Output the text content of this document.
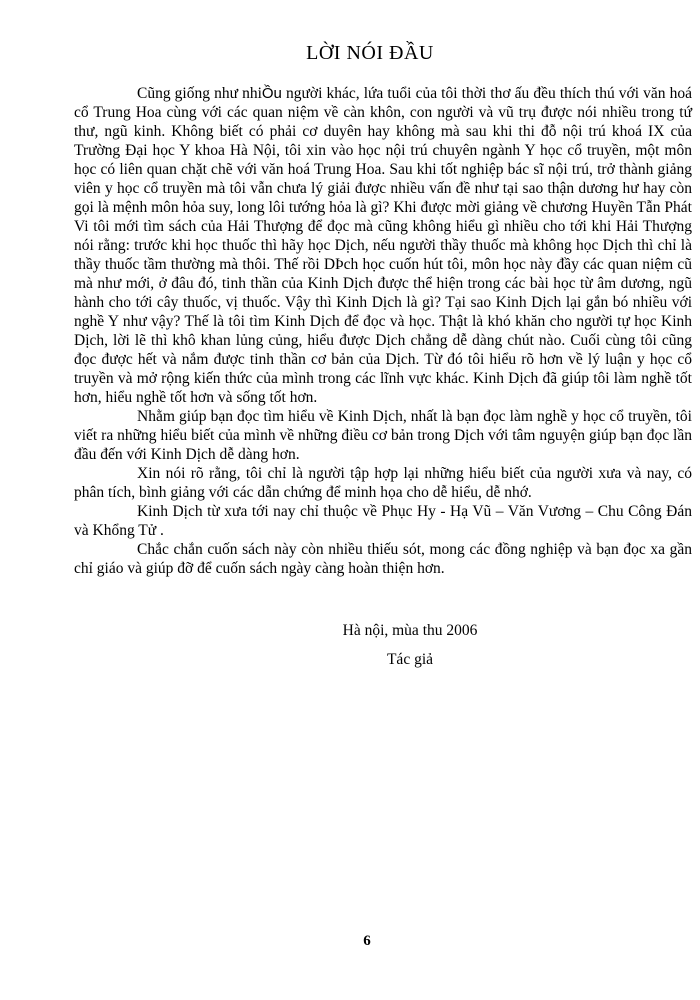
LỜI NÓI ĐẦU

Cũng giống như nhiỒu người khác, lứa tuổi của tôi thời thơ ấu đều thích thú với văn hoá cổ Trung Hoa cùng với các quan niệm về càn khôn, con người và vũ trụ được nói nhiều trong tứ thư, ngũ kinh. Không biết có phải cơ duyên hay không mà sau khi thi đỗ nội trú khoá IX của Trường Đại học Y khoa Hà Nội, tôi xin vào học nội trú chuyên ngành Y học cổ truyền, một môn học có liên quan chặt chẽ với văn hoá Trung Hoa. Sau khi tốt nghiệp bác sĩ nội trú, trở thành giảng viên y học cổ truyền mà tôi vẫn chưa lý giải được nhiều vấn đề như tại sao thận dương hư hay còn gọi là mệnh môn hỏa suy, long lôi tướng hỏa là gì? Khi được mời giảng về chương Huyền Tẫn Phát Vi tôi mới tìm sách của Hải Thượng để đọc mà cũng không hiểu gì nhiều cho tới khi Hải Thượng nói rằng: trước khi học thuốc thì hãy học Dịch, nếu người thầy thuốc mà không học Dịch thì chỉ là thầy thuốc tầm thường mà thôi. Thế rồi DÞch học cuốn hút tôi, môn học này đầy các quan niệm cũ mà như mới, ở đâu đó, tinh thần của Kinh Dịch được thể hiện trong các bài học từ âm dương, ngũ hành cho tới cây thuốc, vị thuốc. Vậy thì Kinh Dịch là gì? Tại sao Kinh Dịch lại gắn bó nhiều với nghề Y như vậy? Thế là tôi tìm Kinh Dịch để đọc và học. Thật là khó khăn cho người tự học Kinh Dịch, lời lẽ thì khô khan lủng củng, hiểu được Dịch chẳng dễ dàng chút nào. Cuối cùng tôi cũng đọc được hết và nắm được tinh thần cơ bản của Dịch. Từ đó tôi hiểu rõ hơn về lý luận y học cổ truyền và mở rộng kiến thức của mình trong các lĩnh vực khác. Kinh Dịch đã giúp tôi làm nghề tốt hơn, hiểu nghề tốt hơn và sống tốt hơn.

Nhằm giúp bạn đọc tìm hiểu về Kinh Dịch, nhất là bạn đọc làm nghề y học cổ truyền, tôi viết ra những hiểu biết của mình về những điều cơ bản trong Dịch với tâm nguyện giúp bạn đọc lần đầu đến với Kinh Dịch dễ dàng hơn.

Xin nói rõ rằng, tôi chỉ là người tập hợp lại những hiểu biết của người xưa và nay, có phân tích, bình giảng với các dẫn chứng để minh họa cho dễ hiểu, dễ nhớ.

Kinh Dịch từ xưa tới nay chỉ thuộc về Phục Hy - Hạ Vũ – Văn Vương – Chu Công Đán và Khổng Tử .

Chắc chắn cuốn sách này còn nhiều thiếu sót, mong các đồng nghiệp và bạn đọc xa gần chỉ giáo và giúp đỡ để cuốn sách ngày càng hoàn thiện hơn.

Hà nội, mùa thu 2006

Tác giả

6
